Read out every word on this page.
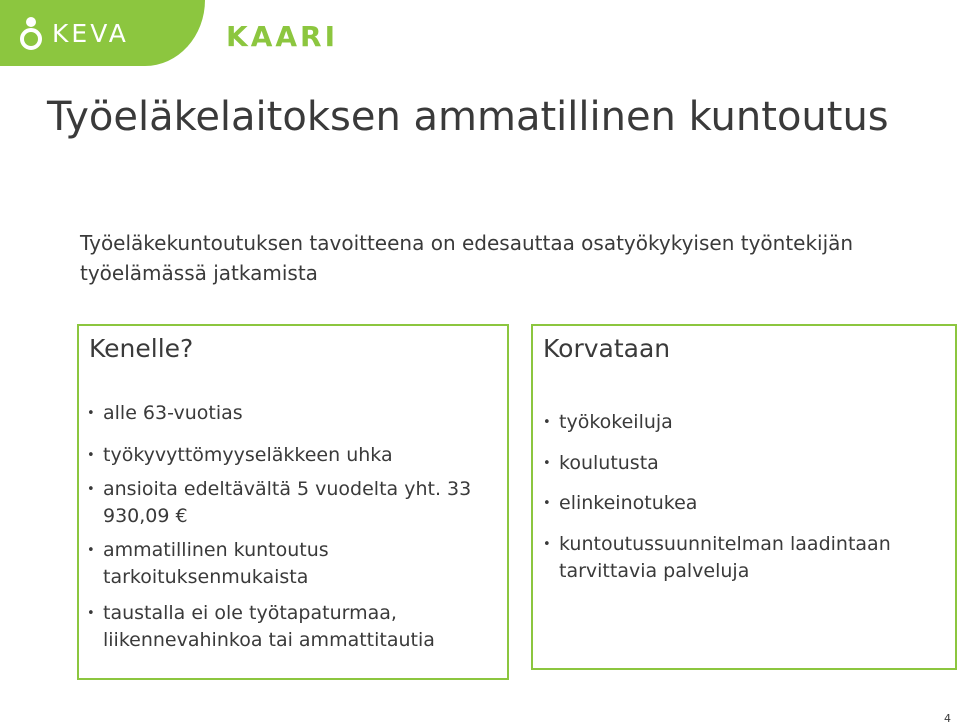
KEVA	KAARI
Työeläkelaitoksen ammatillinen kuntoutus

Työeläkekuntoutuksen tavoitteena on edesauttaa osatyökykyisen työntekijän työelämässä jatkamista

Kenelle?
• alle 63-vuotias
• työkyvyttömyyseläkkeen uhka
• ansioita edeltävältä 5 vuodelta yht. 33 930,09 €
• ammatillinen kuntoutus tarkoituksenmukaista
• taustalla ei ole työtapaturmaa, liikennevahinkoa tai ammattitautia
Korvataan
• työkokeiluja
• koulutusta
• elinkeinotukea
• kuntoutussuunnitelman laadintaan tarvittavia palveluja
4
